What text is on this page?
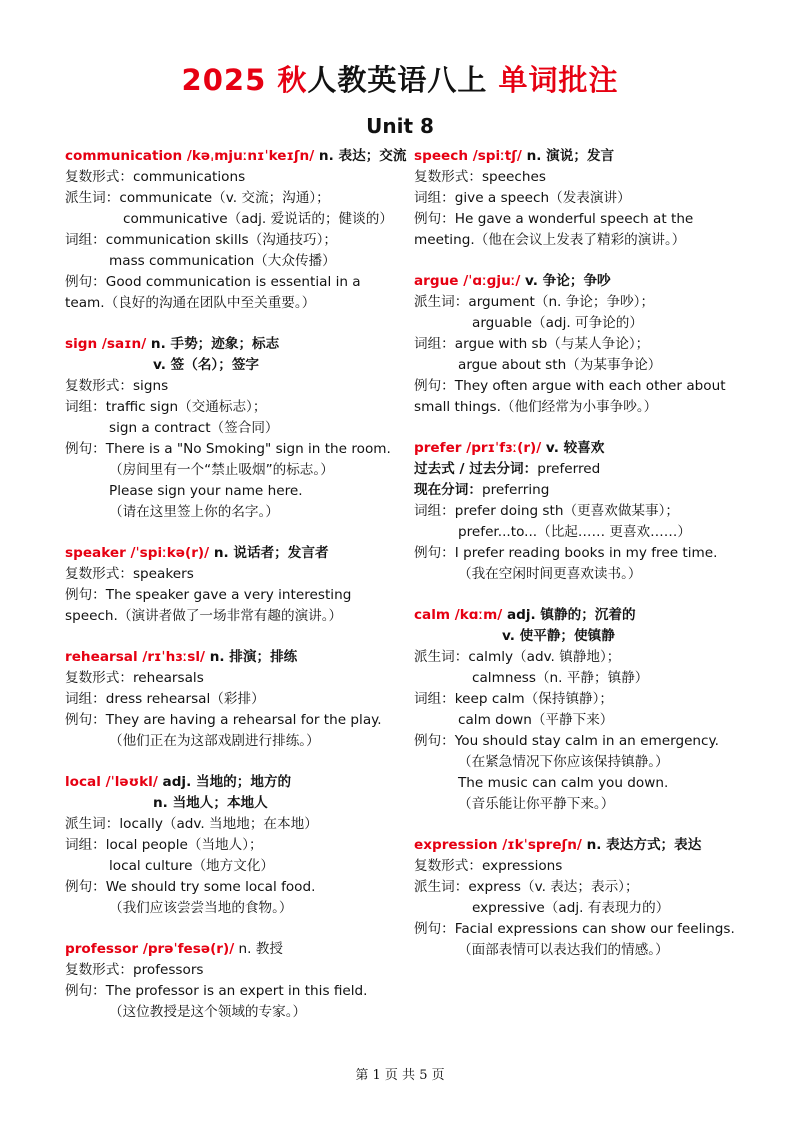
2025 秋人教英语八上 单词批注
Unit 8
communication /kəˌmjuːnɪˈkeɪʃn/ n. 表达；交流
复数形式：communications
派生词：communicate（v. 交流；沟通）；
communicative（adj. 爱说话的；健谈的）
词组：communication skills（沟通技巧）；
mass communication（大众传播）
例句：Good communication is essential in a
team.（良好的沟通在团队中至关重要。）
sign /saɪn/ n. 手势；迹象；标志
v. 签（名）；签字
复数形式：signs
词组：traffic sign（交通标志）；
sign a contract（签合同）
例句：There is a "No Smoking" sign in the room.
（房间里有一个“禁止吸烟”的标志。）
Please sign your name here.
（请在这里签上你的名字。）
speaker /ˈspiːkə(r)/ n. 说话者；发言者
复数形式：speakers
例句：The speaker gave a very interesting
speech.（演讲者做了一场非常有趣的演讲。）
rehearsal /rɪˈhɜːsl/ n. 排演；排练
复数形式：rehearsals
词组：dress rehearsal（彩排）
例句：They are having a rehearsal for the play.
（他们正在为这部戏剧进行排练。）
local /ˈləʊkl/ adj. 当地的；地方的
n. 当地人；本地人
派生词：locally（adv. 当地地；在本地）
词组：local people（当地人）；
local culture（地方文化）
例句：We should try some local food.
（我们应该尝尝当地的食物。）
professor /prəˈfesə(r)/ n. 教授
复数形式：professors
例句：The professor is an expert in this field.
（这位教授是这个领域的专家。）
speech /spiːtʃ/ n. 演说；发言
复数形式：speeches
词组：give a speech（发表演讲）
例句：He gave a wonderful speech at the
meeting.（他在会议上发表了精彩的演讲。）
argue /ˈɑːɡjuː/ v. 争论；争吵
派生词：argument（n. 争论；争吵）；
arguable（adj. 可争论的）
词组：argue with sb（与某人争论）；
argue about sth（为某事争论）
例句：They often argue with each other about
small things.（他们经常为小事争吵。）
prefer /prɪˈfɜː(r)/ v. 较喜欢
过去式 / 过去分词：preferred
现在分词：preferring
词组：prefer doing sth（更喜欢做某事）；
prefer...to...（比起…… 更喜欢……）
例句：I prefer reading books in my free time.
（我在空闲时间更喜欢读书。）
calm /kɑːm/ adj. 镇静的；沉着的
v. 使平静；使镇静
派生词：calmly（adv. 镇静地）；
calmness（n. 平静；镇静）
词组：keep calm（保持镇静）；
calm down（平静下来）
例句：You should stay calm in an emergency.
（在紧急情况下你应该保持镇静。）
The music can calm you down.
（音乐能让你平静下来。）
expression /ɪkˈspreʃn/ n. 表达方式；表达
复数形式：expressions
派生词：express（v. 表达；表示）；
expressive（adj. 有表现力的）
例句：Facial expressions can show our feelings.
（面部表情可以表达我们的情感。）
第 1 页 共 5 页
